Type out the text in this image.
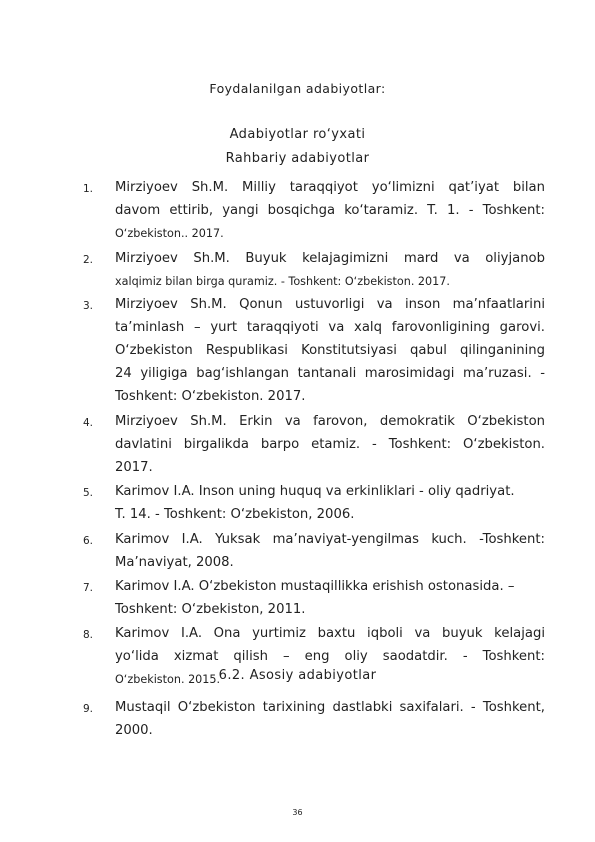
Foydalanilgan adabiyotlar:
Adabiyotlar ro‘yxati
Rahbariy adabiyotlar
1. Mirziyoev Sh.M. Milliy taraqqiyot yo‘limizni qat’iyat bilan
davom ettirib, yangi bosqichga ko‘taramiz. T. 1. - Toshkent:
O‘zbekiston.. 2017.
2. Mirziyoev Sh.M. Buyuk kelajagimizni mard va oliyjanob
xalqimiz bilan birga quramiz. - Toshkent: O‘zbekiston. 2017.
3. Mirziyoev Sh.M. Qonun ustuvorligi va inson ma’nfaatlarini
ta’minlash – yurt taraqqiyoti va xalq farovonligining garovi.
O‘zbekiston Respublikasi Konstitutsiyasi qabul qilinganining
24 yiligiga bag‘ishlangan tantanali marosimidagi ma’ruzasi. -
Toshkent: O‘zbekiston. 2017.
4. Mirziyoev Sh.M. Erkin va farovon, demokratik O‘zbekiston
davlatini birgalikda barpo etamiz. - Toshkent: O‘zbekiston.
2017.
5. Karimov I.A. Inson uning huquq va erkinliklari - oliy qadriyat.
T. 14. - Toshkent: O‘zbekiston, 2006.
6. Karimov I.A. Yuksak ma’naviyat-yengilmas kuch. -Toshkent:
Ma’naviyat, 2008.
7. Karimov I.A. O‘zbekiston mustaqillikka erishish ostonasida. –
Toshkent: O‘zbekiston, 2011.
8. Karimov I.A. Ona yurtimiz baxtu iqboli va buyuk kelajagi
yo‘lida xizmat qilish – eng oliy saodatdir. - Toshkent:
O‘zbekiston. 2015.
6.2. Asosiy adabiyotlar
9. Mustaqil O‘zbekiston tarixining dastlabki saxifalari. - Toshkent,
2000.
36
